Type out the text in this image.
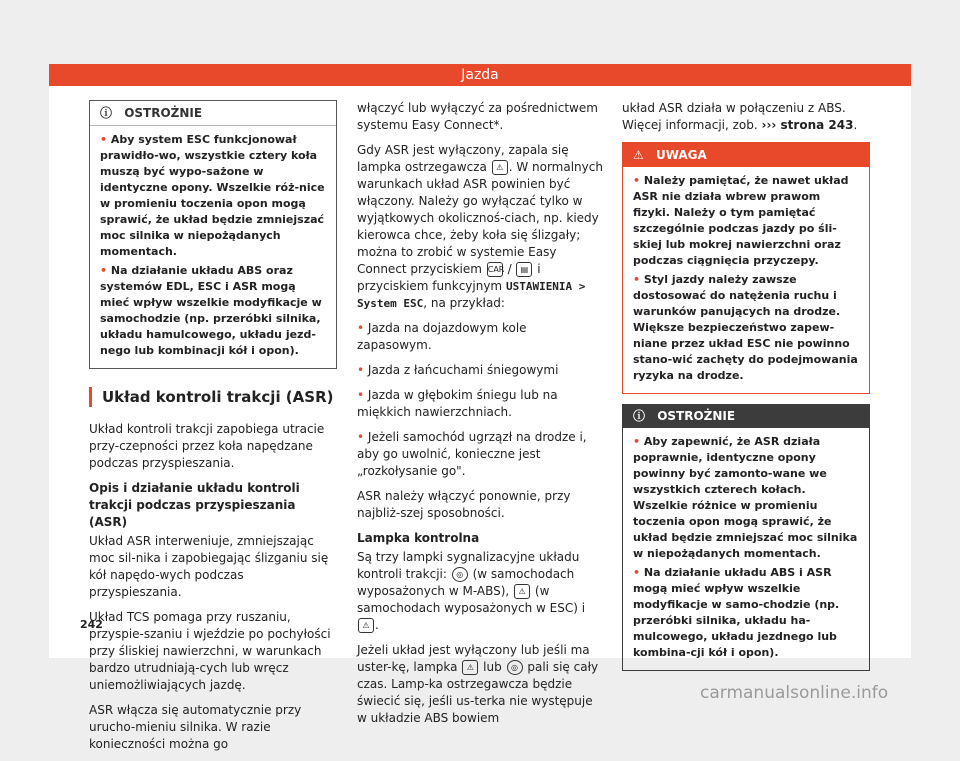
Jazda
ⓘ OSTROŻNIE

• Aby system ESC funkcjonował prawidło-wo, wszystkie cztery koła muszą być wypo-sażone w identyczne opony. Wszelkie róż-nice w promieniu toczenia opon mogą sprawić, że układ będzie zmniejszać moc silnika w niepożądanych momentach.

• Na działanie układu ABS oraz systemów EDL, ESC i ASR mogą mieć wpływ wszelkie modyfikacje w samochodzie (np. przeróbki silnika, układu hamulcowego, układu jezd-nego lub kombinacji kół i opon).

Układ kontroli trakcji (ASR)

Układ kontroli trakcji zapobiega utracie przy-czepności przez koła napędzane podczas przyspieszania.

Opis i działanie układu kontroli trakcji podczas przyspieszania (ASR)

Układ ASR interweniuje, zmniejszając moc sil-nika i zapobiegając ślizganiu się kół napędo-wych podczas przyspieszania.

Układ TCS pomaga przy ruszaniu, przyspie-szaniu i wjeździe po pochyłości przy śliskiej nawierzchni, w warunkach bardzo utrudniają-cych lub wręcz uniemożliwiających jazdę.

ASR włącza się automatycznie przy urucho-mieniu silnika. W razie konieczności można go

włączyć lub wyłączyć za pośrednictwem systemu Easy Connect*.

Gdy ASR jest wyłączony, zapala się lampka ostrzegawcza ⚠ . W normalnych warunkach układ ASR powinien być włączony. Należy go wyłączać tylko w wyjątkowych okolicznoś-ciach, np. kiedy kierowca chce, żeby koła się ślizgały; można to zrobić w systemie Easy Connect przyciskiem CAR / ▤ i przyciskiem funkcyjnym USTAWIENIA > System ESC, na przykład:

• Jazda na dojazdowym kole zapasowym.

• Jazda z łańcuchami śniegowymi

• Jazda w głębokim śniegu lub na miękkich nawierzchniach.

• Jeżeli samochód ugrzązł na drodze i, aby go uwolnić, konieczne jest „rozkołysanie go".

ASR należy włączyć ponownie, przy najbliż-szej sposobności.

Lampka kontrolna

Są trzy lampki sygnalizacyjne układu kontroli trakcji: ◎ (w samochodach wyposażonych w M-ABS), ⚠ (w samochodach wyposażonych w ESC) i ⚠ .

Jeżeli układ jest wyłączony lub jeśli ma uster-kę, lampka ⚠ lub ◎ pali się cały czas. Lamp-ka ostrzegawcza będzie świecić się, jeśli us-terka nie występuje w układzie ABS bowiem

układ ASR działa w połączeniu z ABS. Więcej informacji, zob. ››› strona 243.

⚠ UWAGA

• Należy pamiętać, że nawet układ ASR nie działa wbrew prawom fizyki. Należy o tym pamiętać szczególnie podczas jazdy po śli-skiej lub mokrej nawierzchni oraz podczas ciągnięcia przyczepy.

• Styl jazdy należy zawsze dostosować do natężenia ruchu i warunków panujących na drodze. Większe bezpieczeństwo zapew-niane przez układ ESC nie powinno stano-wić zachęty do podejmowania ryzyka na drodze.

ⓘ OSTROŻNIE

• Aby zapewnić, że ASR działa poprawnie, identyczne opony powinny być zamonto-wane we wszystkich czterech kołach. Wszelkie różnice w promieniu toczenia opon mogą sprawić, że układ będzie zmniejszać moc silnika w niepożądanych momentach.

• Na działanie układu ABS i ASR mogą mieć wpływ wszelkie modyfikacje w samo-chodzie (np. przeróbki silnika, układu ha-mulcowego, układu jezdnego lub kombina-cji kół i opon).

242
carmanualsonline.info
